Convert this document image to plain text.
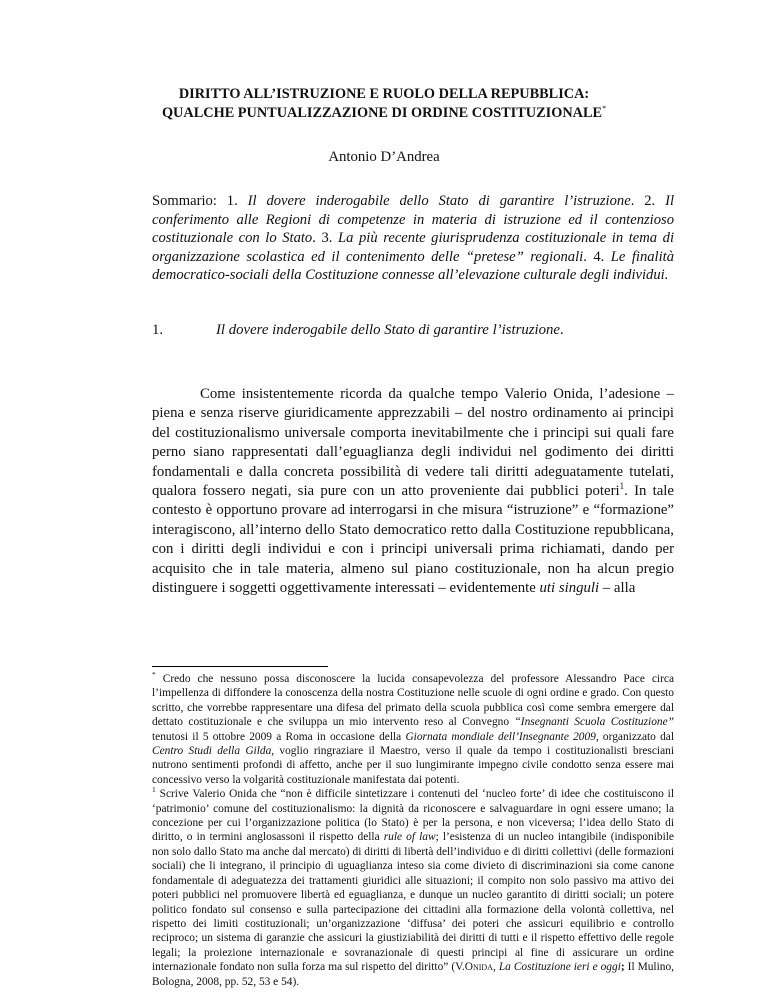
DIRITTO ALL’ISTRUZIONE E RUOLO DELLA REPUBBLICA:
QUALCHE PUNTUALIZZAZIONE DI ORDINE COSTITUZIONALE*
Antonio D’Andrea
Sommario: 1. Il dovere inderogabile dello Stato di garantire l’istruzione. 2. Il conferimento alle Regioni di competenze in materia di istruzione ed il contenzioso costituzionale con lo Stato. 3. La più recente giurisprudenza costituzionale in tema di organizzazione scolastica ed il contenimento delle “pretese” regionali. 4. Le finalità democratico-sociali della Costituzione connesse all’elevazione culturale degli individui.
1.	Il dovere inderogabile dello Stato di garantire l’istruzione.

Come insistentemente ricorda da qualche tempo Valerio Onida, l’adesione – piena e senza riserve giuridicamente apprezzabili – del nostro ordinamento ai principi del costituzionalismo universale comporta inevitabilmente che i principi sui quali fare perno siano rappresentati dall’eguaglianza degli individui nel godimento dei diritti fondamentali e dalla concreta possibilità di vedere tali diritti adeguatamente tutelati, qualora fossero negati, sia pure con un atto proveniente dai pubblici poteri$^1$. In tale contesto è opportuno provare ad interrogarsi in che misura “istruzione” e “formazione” interagiscono, all’interno dello Stato democratico retto dalla Costituzione repubblicana, con i diritti degli individui e con i principi universali prima richiamati, dando per acquisito che in tale materia, almeno sul piano costituzionale, non ha alcun pregio distinguere i soggetti oggettivamente interessati – evidentemente uti singuli – alla

* Credo che nessuno possa disconoscere la lucida consapevolezza del professore Alessandro Pace circa l’impellenza di diffondere la conoscenza della nostra Costituzione nelle scuole di ogni ordine e grado. Con questo scritto, che vorrebbe rappresentare una difesa del primato della scuola pubblica così come sembra emergere dal dettato costituzionale e che sviluppa un mio intervento reso al Convegno “Insegnanti Scuola Costituzione” tenutosi il 5 ottobre 2009 a Roma in occasione della Giornata mondiale dell’Insegnante 2009, organizzato dal Centro Studi della Gilda, voglio ringraziare il Maestro, verso il quale da tempo i costituzionalisti bresciani nutrono sentimenti profondi di affetto, anche per il suo lungimirante impegno civile condotto senza essere mai concessivo verso la volgarità costituzionale manifestata dai potenti.

$^1$ Scrive Valerio Onida che “non è difficile sintetizzare i contenuti del ‘nucleo forte’ di idee che costituiscono il ‘patrimonio’ comune del costituzionalismo: la dignità da riconoscere e salvaguardare in ogni essere umano; la concezione per cui l’organizzazione politica (lo Stato) è per la persona, e non viceversa; l’idea dello Stato di diritto, o in termini anglosassoni il rispetto della rule of law; l’esistenza di un nucleo intangibile (indisponibile non solo dallo Stato ma anche dal mercato) di diritti di libertà dell’individuo e di diritti collettivi (delle formazioni sociali) che li integrano, il principio di uguaglianza inteso sia come divieto di discriminazioni sia come canone fondamentale di adeguatezza dei trattamenti giuridici alle situazioni; il compito non solo passivo ma attivo dei poteri pubblici nel promuovere libertà ed eguaglianza, e dunque un nucleo garantito di diritti sociali; un potere politico fondato sul consenso e sulla partecipazione dei cittadini alla formazione della volontà collettiva, nel rispetto dei limiti costituzionali; un’organizzazione ‘diffusa’ dei poteri che assicuri equilibrio e controllo reciproco; un sistema di garanzie che assicuri la giustiziabilità dei diritti di tutti e il rispetto effettivo delle regole legali; la proiezione internazionale e sovranazionale di questi principi al fine di assicurare un ordine internazionale fondato non sulla forza ma sul rispetto del diritto” (V.Onida, La Costituzione ieri e oggi; Il Mulino, Bologna, 2008, pp. 52, 53 e 54).
